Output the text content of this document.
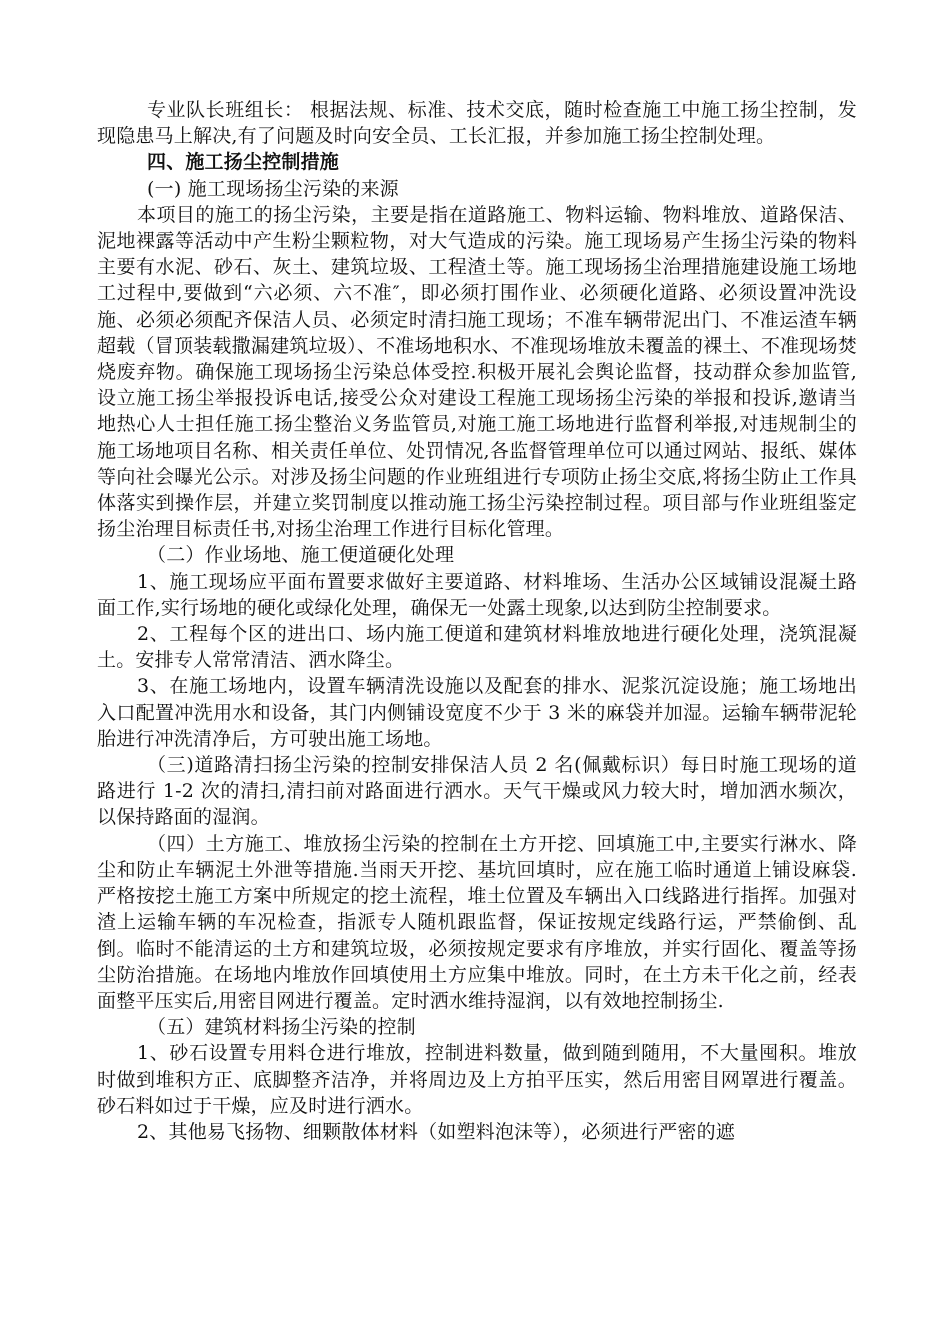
专业队长班组长： 根据法规、标准、技术交底，随时检查施工中施工扬尘控制，发现隐患马上解决,有了问题及时向安全员、工长汇报，并参加施工扬尘控制处理。

四、施工扬尘控制措施

(一) 施工现场扬尘污染的来源

本项目的施工的扬尘污染，主要是指在道路施工、物料运输、物料堆放、道路保洁、泥地裸露等活动中产生粉尘颗粒物，对大气造成的污染。施工现场易产生扬尘污染的物料主要有水泥、砂石、灰土、建筑垃圾、工程渣土等。施工现场扬尘治理措施建设施工场地工过程中,要做到“六必须、六不准″，即必须打围作业、必须硬化道路、必须设置冲洗设施、必须必须配齐保洁人员、必须定时清扫施工现场；不准车辆带泥出门、不准运渣车辆超载（冒顶装载撒漏建筑垃圾）、不准场地积水、不准现场堆放未覆盖的裸土、不准现场焚烧废弃物。确保施工现场扬尘污染总体受控.积极开展礼会舆论监督，技动群众参加监管,设立施工扬尘举报投诉电话,接受公众对建设工程施工现场扬尘污染的举报和投诉,邀请当地热心人士担任施工扬尘整治义务监管员,对施工施工场地进行监督利举报,对违规制尘的施工场地项目名称、相关责任单位、处罚情况,各监督管理单位可以通过网站、报纸、媒体等向社会曝光公示。对涉及扬尘问题的作业班组进行专项防止扬尘交底,将扬尘防止工作具体落实到操作层，并建立奖罚制度以推动施工扬尘污染控制过程。项目部与作业班组鉴定扬尘治理目标责任书,对扬尘治理工作进行目标化管理。

（二）作业场地、施工便道硬化处理

1、施工现场应平面布置要求做好主要道路、材料堆场、生活办公区域铺设混凝土路面工作,实行场地的硬化或绿化处理，确保无一处露土现象,以达到防尘控制要求。

2、工程每个区的进出口、场内施工便道和建筑材料堆放地进行硬化处理，浇筑混凝土。安排专人常常清洁、洒水降尘。

3、在施工场地内，设置车辆清洗设施以及配套的排水、泥浆沉淀设施；施工场地出入口配置冲洗用水和设备，其门内侧铺设宽度不少于 3 米的麻袋并加湿。运输车辆带泥轮胎进行冲洗清净后，方可驶出施工场地。

（三)道路清扫扬尘污染的控制安排保洁人员 2 名(佩戴标识）每日时施工现场的道路进行 1-2 次的清扫,清扫前对路面进行洒水。天气干燥或风力较大时，增加洒水频次，以保持路面的湿润。

（四）土方施工、堆放扬尘污染的控制在土方开挖、回填施工中,主要实行淋水、降尘和防止车辆泥土外泄等措施.当雨天开挖、基坑回填时，应在施工临时通道上铺设麻袋.严格按挖土施工方案中所规定的挖土流程，堆土位置及车辆出入口线路进行指挥。加强对渣上运输车辆的车况检查，指派专人随机跟监督，保证按规定线路行运，严禁偷倒、乱倒。临时不能清运的土方和建筑垃圾，必须按规定要求有序堆放，并实行固化、覆盖等扬尘防治措施。在场地内堆放作回填使用土方应集中堆放。同时，在土方未干化之前，经表面整平压实后,用密目网进行覆盖。定时洒水维持湿润，以有效地控制扬尘.

（五）建筑材料扬尘污染的控制

1、砂石设置专用料仓进行堆放，控制进料数量，做到随到随用，不大量囤积。堆放时做到堆积方正、底脚整齐洁净，并将周边及上方拍平压实，然后用密目网罩进行覆盖。砂石料如过于干燥，应及时进行洒水。

2、其他易飞扬物、细颗散体材料（如塑料泡沫等），必须进行严密的遮
